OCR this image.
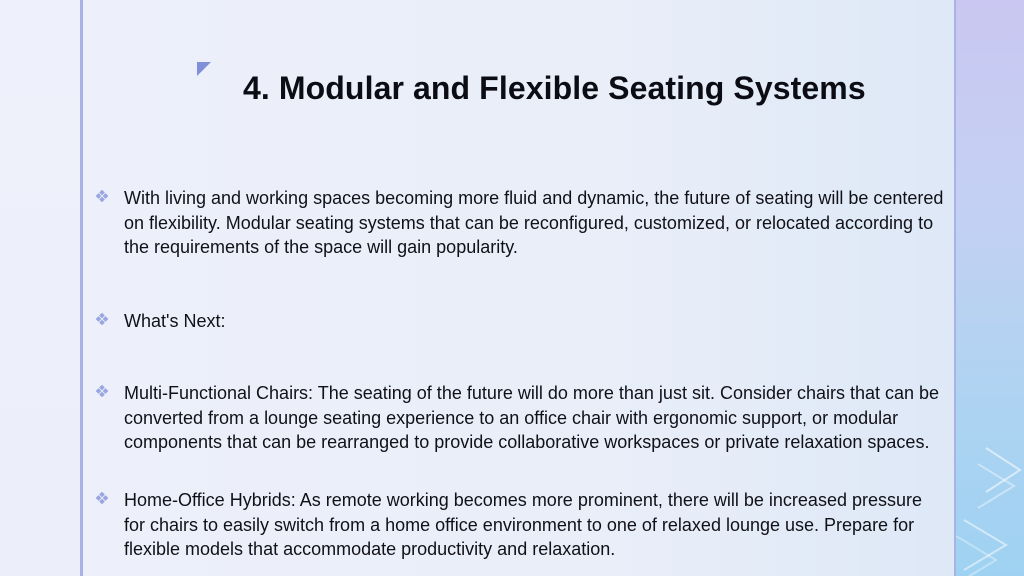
4. Modular and Flexible Seating Systems
With living and working spaces becoming more fluid and dynamic, the future of seating will be centered on flexibility. Modular seating systems that can be reconfigured, customized, or relocated according to the requirements of the space will gain popularity.
What's Next:
Multi-Functional Chairs: The seating of the future will do more than just sit. Consider chairs that can be converted from a lounge seating experience to an office chair with ergonomic support, or modular components that can be rearranged to provide collaborative workspaces or private relaxation spaces.
Home-Office Hybrids: As remote working becomes more prominent, there will be increased pressure for chairs to easily switch from a home office environment to one of relaxed lounge use. Prepare for flexible models that accommodate productivity and relaxation.
